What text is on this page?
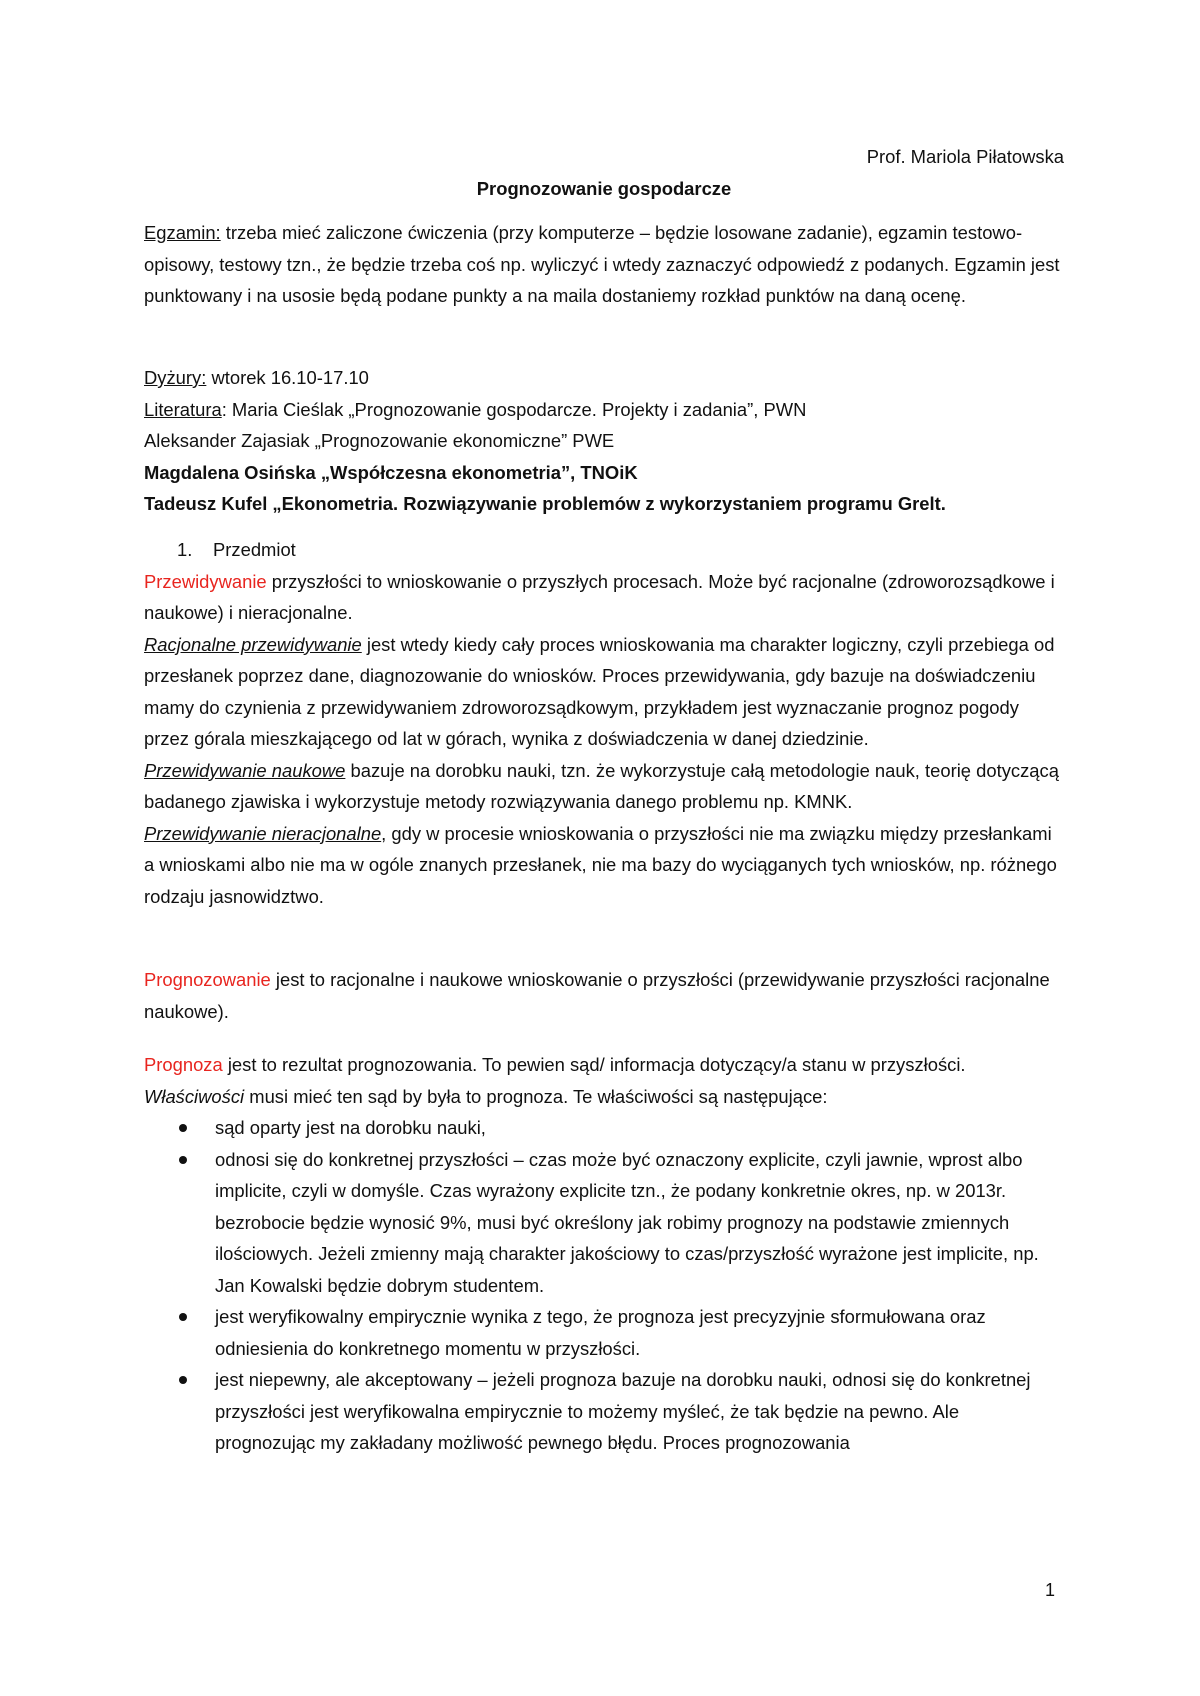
Prof. Mariola Piłatowska
Prognozowanie gospodarcze

Egzamin: trzeba mieć zaliczone ćwiczenia (przy komputerze – będzie losowane zadanie), egzamin testowo-opisowy, testowy tzn., że będzie trzeba coś np. wyliczyć i wtedy zaznaczyć odpowiedź z podanych. Egzamin jest punktowany i na usosie będą podane punkty a na maila dostaniemy rozkład punktów na daną ocenę.

Dyżury: wtorek 16.10-17.10

Literatura: Maria Cieślak „Prognozowanie gospodarcze. Projekty i zadania”, PWN

Aleksander Zajasiak „Prognozowanie ekonomiczne” PWE

Magdalena Osińska „Współczesna ekonometria”, TNOiK

Tadeusz Kufel „Ekonometria. Rozwiązywanie problemów z wykorzystaniem programu Grelt.

1. Przedmiot

Przewidywanie przyszłości to wnioskowanie o przyszłych procesach. Może być racjonalne (zdroworozsądkowe i naukowe) i nieracjonalne.

Racjonalne przewidywanie jest wtedy kiedy cały proces wnioskowania ma charakter logiczny, czyli przebiega od przesłanek poprzez dane, diagnozowanie do wniosków. Proces przewidywania, gdy bazuje na doświadczeniu mamy do czynienia z przewidywaniem zdroworozsądkowym, przykładem jest wyznaczanie prognoz pogody przez górala mieszkającego od lat w górach, wynika z doświadczenia w danej dziedzinie.

Przewidywanie naukowe bazuje na dorobku nauki, tzn. że wykorzystuje całą metodologie nauk, teorię dotyczącą badanego zjawiska i wykorzystuje metody rozwiązywania danego problemu np. KMNK.

Przewidywanie nieracjonalne, gdy w procesie wnioskowania o przyszłości nie ma związku między przesłankami a wnioskami albo nie ma w ogóle znanych przesłanek, nie ma bazy do wyciąganych tych wniosków, np. różnego rodzaju jasnowidztwo.

Prognozowanie jest to racjonalne i naukowe wnioskowanie o przyszłości (przewidywanie przyszłości racjonalne naukowe).

Prognoza jest to rezultat prognozowania. To pewien sąd/ informacja dotyczący/a stanu w przyszłości.

Właściwości musi mieć ten sąd by była to prognoza. Te właściwości są następujące:

sąd oparty jest na dorobku nauki,
odnosi się do konkretnej przyszłości – czas może być oznaczony explicite, czyli jawnie, wprost albo implicite, czyli w domyśle. Czas wyrażony explicite tzn., że podany konkretnie okres, np. w 2013r. bezrobocie będzie wynosić 9%, musi być określony jak robimy prognozy na podstawie zmiennych ilościowych. Jeżeli zmienny mają charakter jakościowy to czas/przyszłość wyrażone jest implicite, np. Jan Kowalski będzie dobrym studentem.
jest weryfikowalny empirycznie wynika z tego, że prognoza jest precyzyjnie sformułowana oraz odniesienia do konkretnego momentu w przyszłości.
jest niepewny, ale akceptowany – jeżeli prognoza bazuje na dorobku nauki, odnosi się do konkretnej przyszłości jest weryfikowalna empirycznie to możemy myśleć, że tak będzie na pewno. Ale prognozując my zakładany możliwość pewnego błędu. Proces prognozowania
1
